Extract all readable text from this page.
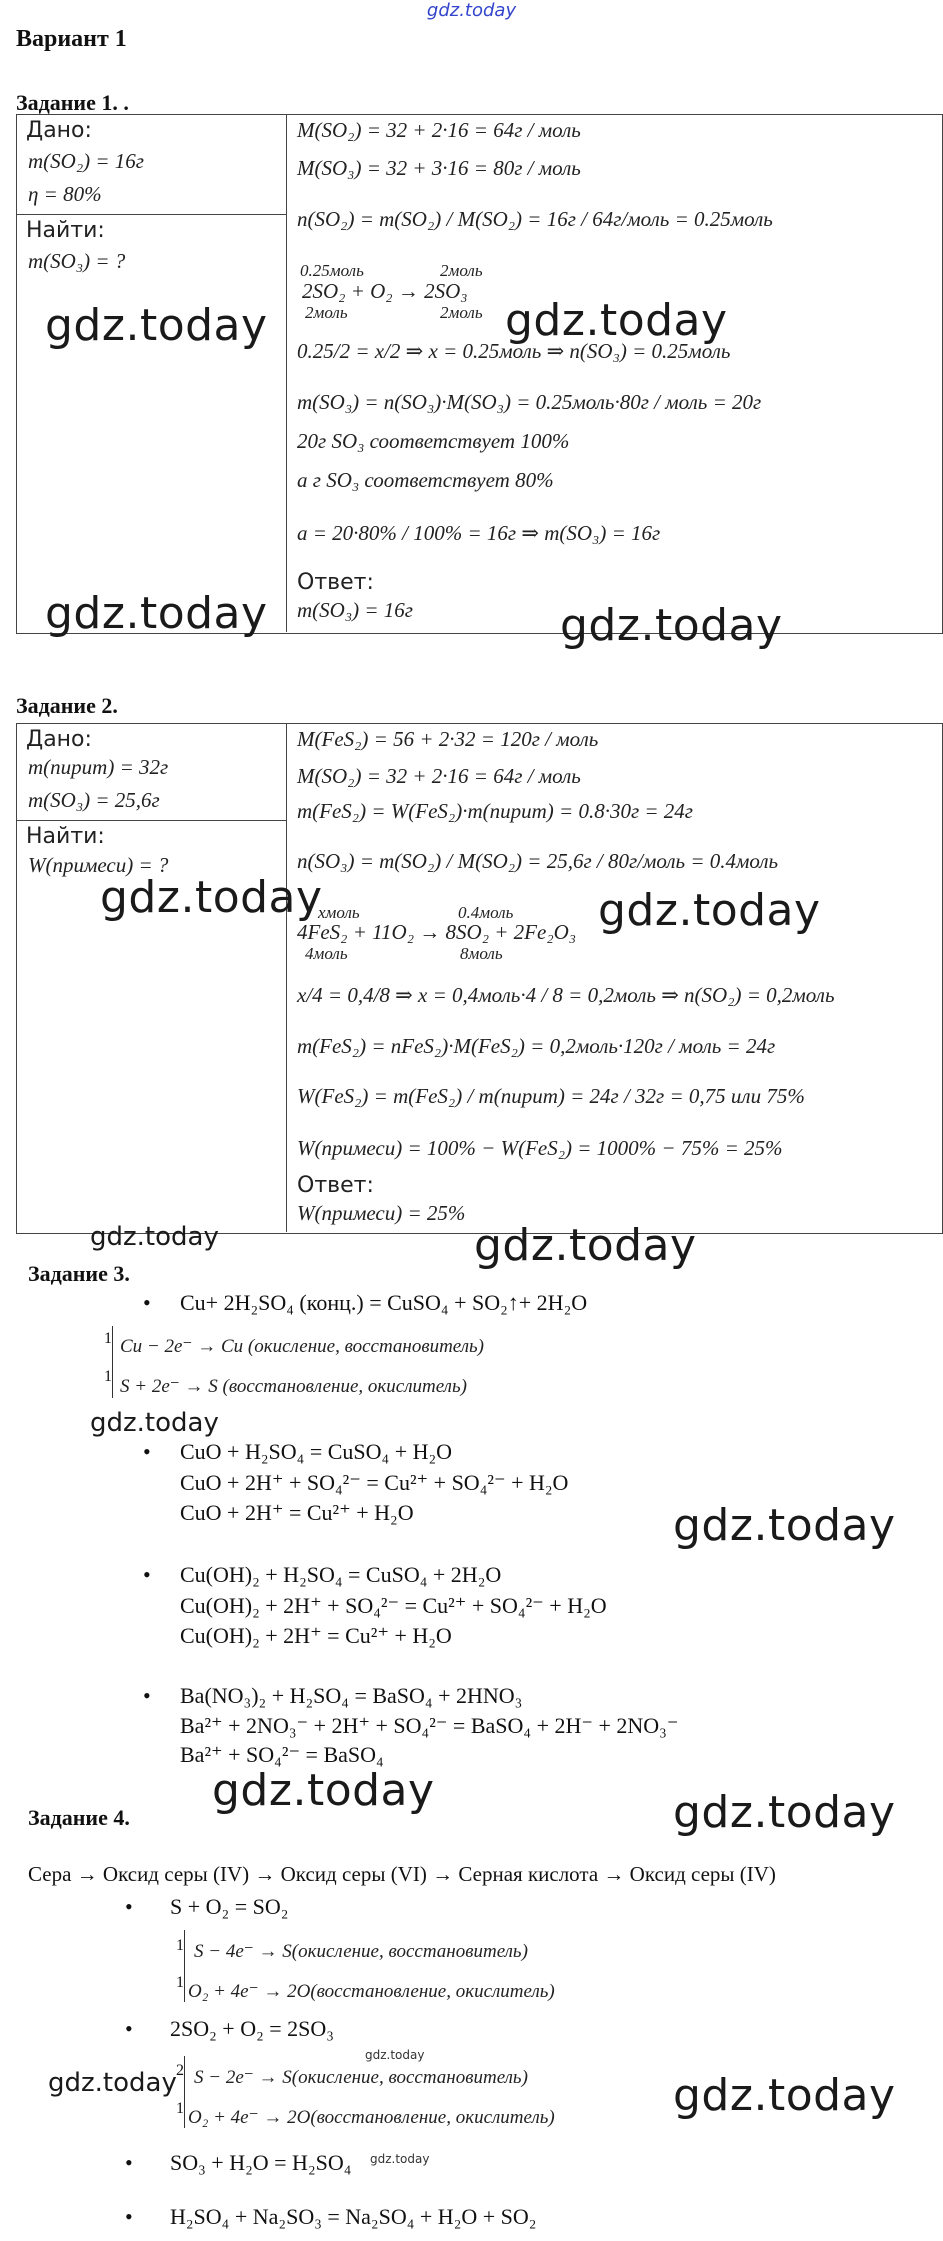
gdz.today
Вариант 1
Задание 1. .
Дано:
m(SO₂) = 16г
η = 80%
Найти:
m(SO₃) = ?
M(SO₂) = 32 + 2·16 = 64г / моль
M(SO₃) = 32 + 3·16 = 80г / моль
n(SO₂) = m(SO₂) / M(SO₂) = 16г / 64г/моль = 0.25моль
0.25моль	2моль
2SO₂ + O₂ → 2SO₃
2моль	2моль
0.25/2 = x/2 ⇒ x = 0.25моль ⇒ n(SO₃) = 0.25моль
m(SO₃) = n(SO₃)·M(SO₃) = 0.25моль·80г / моль = 20г
20г SO₃ соответствует 100%
а г SO₃ соответствует 80%
a = 20·80% / 100% = 16г ⇒ m(SO₃) = 16г
Ответ:
m(SO₃) = 16г
gdz.today	gdz.today
gdz.today	gdz.today
Задание 2.
Дано:
m(пирит) = 32г
m(SO₃) = 25,6г
Найти:
W(примеси) = ?
M(FeS₂) = 56 + 2·32 = 120г / моль
M(SO₂) = 32 + 2·16 = 64г / моль
m(FeS₂) = W(FeS₂)·m(пирит) = 0.8·30г = 24г
n(SO₃) = m(SO₂) / M(SO₂) = 25,6г / 80г/моль = 0.4моль
xмоль	0.4моль
4FeS₂ + 11O₂ → 8SO₂ + 2Fe₂O₃
4моль	8моль
x/4 = 0,4/8 ⇒ x = 0,4моль·4 / 8 = 0,2моль ⇒ n(SO₂) = 0,2моль
m(FeS₂) = nFeS₂)·M(FeS₂) = 0,2моль·120г / моль = 24г
W(FeS₂) = m(FeS₂) / m(пирит) = 24г / 32г = 0,75 или 75%
W(примеси) = 100% − W(FeS₂) = 1000% − 75% = 25%
Ответ:
W(примеси) = 25%
gdz.today	gdz.today
gdz.today	gdz.today
Задание 3.
• Cu+ 2H₂SO₄ (конц.) = CuSO₄ + SO₂↑+ 2H₂O
1
1
Cu − 2e⁻ → Cu (окисление, восстановитель)
S + 2e⁻ → S (восстановление, окислитель)
gdz.today
• CuO + H₂SO₄ = CuSO₄ + H₂O
CuO + 2H⁺ + SO₄²⁻ = Cu²⁺ + SO₄²⁻ + H₂O
CuO + 2H⁺ = Cu²⁺ + H₂O	gdz.today
• Cu(OH)₂ + H₂SO₄ = CuSO₄ + 2H₂O
Cu(OH)₂ + 2H⁺ + SO₄²⁻ = Cu²⁺ + SO₄²⁻ + H₂O
Cu(OH)₂ + 2H⁺ = Cu²⁺ + H₂O
• Ba(NO₃)₂ + H₂SO₄ = BaSO₄ + 2HNO₃
Ba²⁺ + 2NO₃⁻ + 2H⁺ + SO₄²⁻ = BaSO₄ + 2H⁻ + 2NO₃⁻
Ba²⁺ + SO₄²⁻ = BaSO₄
gdz.today
Задание 4.	gdz.today
Сера → Оксид серы (IV) → Оксид серы (VI) → Серная кислота → Оксид серы (IV)
• S + O₂ = SO₂
1
1
S − 4e⁻ → S(окисление, восстановитель)
O₂ + 4e⁻ → 2O(восстановление, окислитель)
• 2SO₂ + O₂ = 2SO₃
gdz.today
2
1
S − 2e⁻ → S(окисление, восстановитель)
O₂ + 4e⁻ → 2O(восстановление, окислитель)
gdz.today	gdz.today
• SO₃ + H₂O = H₂SO₄ gdz.today
• H₂SO₄ + Na₂SO₃ = Na₂SO₄ + H₂O + SO₂
